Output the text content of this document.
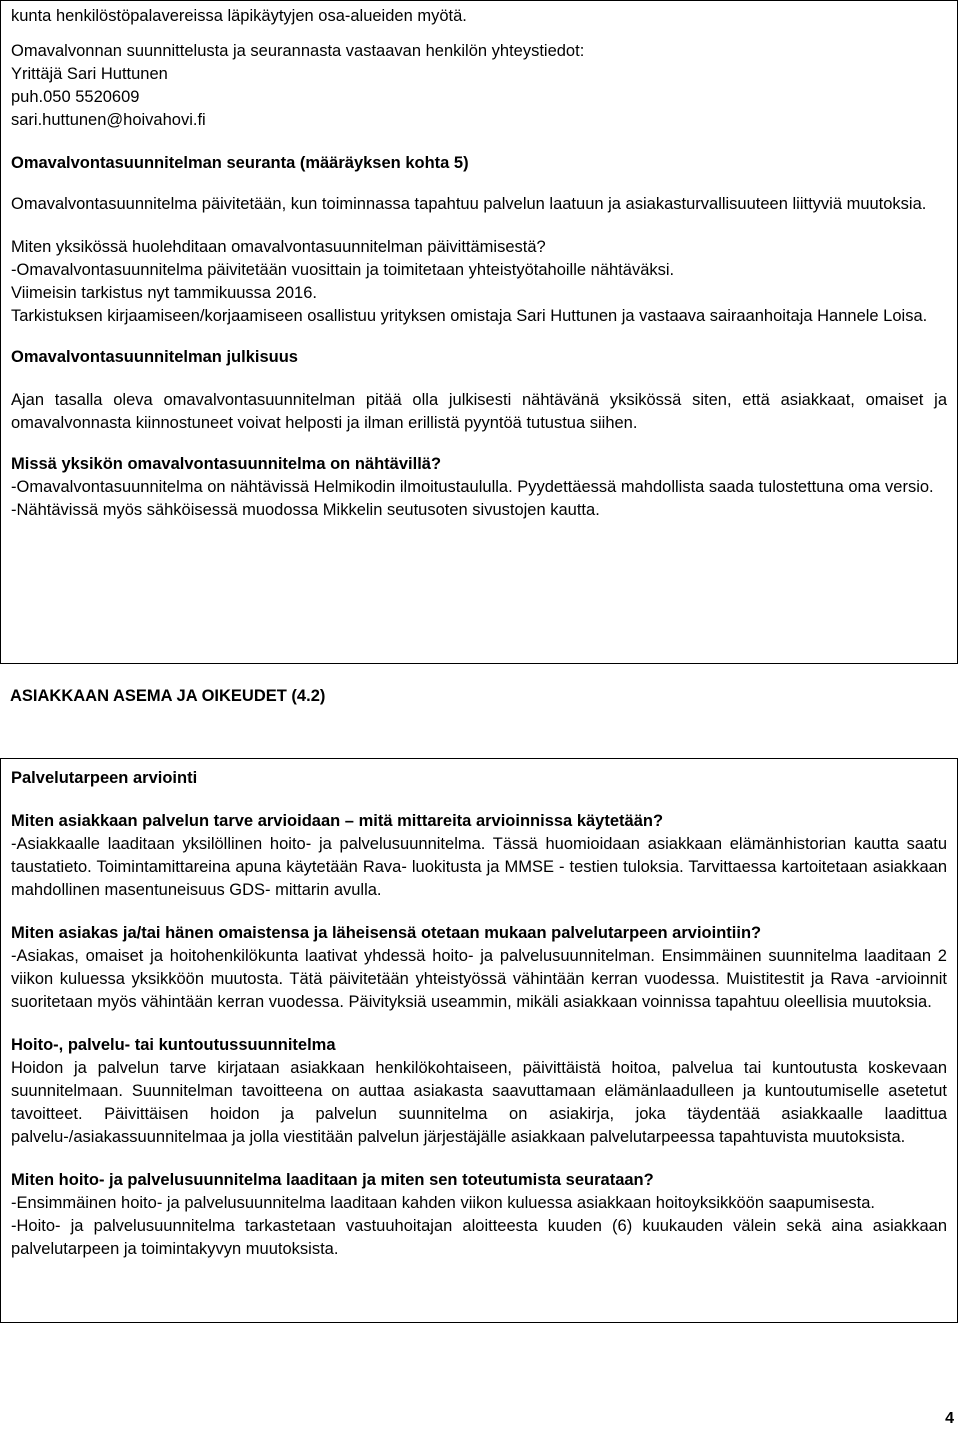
kunta henkilöstöpalavereissa läpikäytyjen osa-alueiden myötä.

Omavalvonnan suunnittelusta ja seurannasta vastaavan henkilön yhteystiedot:

Yrittäjä Sari Huttunen

puh.050 5520609

sari.huttunen@hoivahovi.fi

Omavalvontasuunnitelman seuranta (määräyksen kohta 5)

Omavalvontasuunnitelma päivitetään, kun toiminnassa tapahtuu palvelun laatuun ja asiakasturvallisuuteen liittyviä muutoksia.

Miten yksikössä huolehditaan omavalvontasuunnitelman päivittämisestä?

-Omavalvontasuunnitelma päivitetään vuosittain ja toimitetaan yhteistyötahoille nähtäväksi.

Viimeisin tarkistus nyt tammikuussa 2016.

Tarkistuksen kirjaamiseen/korjaamiseen osallistuu yrityksen omistaja Sari Huttunen ja vastaava sairaanhoitaja Hannele Loisa.

Omavalvontasuunnitelman julkisuus

Ajan tasalla oleva omavalvontasuunnitelman pitää olla julkisesti nähtävänä yksikössä siten, että asiakkaat, omaiset ja omavalvonnasta kiinnostuneet voivat helposti ja ilman erillistä pyyntöä tutustua siihen.

Missä yksikön omavalvontasuunnitelma on nähtävillä?

-Omavalvontasuunnitelma on nähtävissä Helmikodin ilmoitustaululla. Pyydettäessä mahdollista saada tulostettuna oma versio.

-Nähtävissä myös sähköisessä muodossa Mikkelin seutusoten sivustojen kautta.

ASIAKKAAN ASEMA JA OIKEUDET (4.2)

Palvelutarpeen arviointi

Miten asiakkaan palvelun tarve arvioidaan – mitä mittareita arvioinnissa käytetään?

-Asiakkaalle laaditaan yksilöllinen hoito- ja palvelusuunnitelma. Tässä huomioidaan asiakkaan elämänhistorian kautta saatu taustatieto. Toimintamittareina apuna käytetään Rava- luokitusta ja MMSE - testien tuloksia. Tarvittaessa kartoitetaan asiakkaan mahdollinen masentuneisuus GDS- mittarin avulla.

Miten asiakas ja/tai hänen omaistensa ja läheisensä otetaan mukaan palvelutarpeen arviointiin?

-Asiakas, omaiset ja hoitohenkilökunta laativat yhdessä hoito- ja palvelusuunnitelman. Ensimmäinen suunnitelma laaditaan 2 viikon kuluessa yksikköön muutosta. Tätä päivitetään yhteistyössä vähintään kerran vuodessa. Muistitestit ja Rava -arvioinnit suoritetaan myös vähintään kerran vuodessa. Päivityksiä useammin, mikäli asiakkaan voinnissa tapahtuu oleellisia muutoksia.

Hoito-, palvelu- tai kuntoutussuunnitelma

Hoidon ja palvelun tarve kirjataan asiakkaan henkilökohtaiseen, päivittäistä hoitoa, palvelua tai kuntoutusta koskevaan suunnitelmaan. Suunnitelman tavoitteena on auttaa asiakasta saavuttamaan elämänlaadulleen ja kuntoutumiselle asetetut tavoitteet. Päivittäisen hoidon ja palvelun suunnitelma on asiakirja, joka täydentää asiakkaalle laadittua palvelu-/asiakassuunnitelmaa ja jolla viestitään palvelun järjestäjälle asiakkaan palvelutarpeessa tapahtuvista muutoksista.

Miten hoito- ja palvelusuunnitelma laaditaan ja miten sen toteutumista seurataan?

-Ensimmäinen hoito- ja palvelusuunnitelma laaditaan kahden viikon kuluessa asiakkaan hoitoyksikköön saapumisesta.

-Hoito- ja palvelusuunnitelma tarkastetaan vastuuhoitajan aloitteesta kuuden (6) kuukauden välein sekä aina asiakkaan palvelutarpeen ja toimintakyvyn muutoksista.

4
